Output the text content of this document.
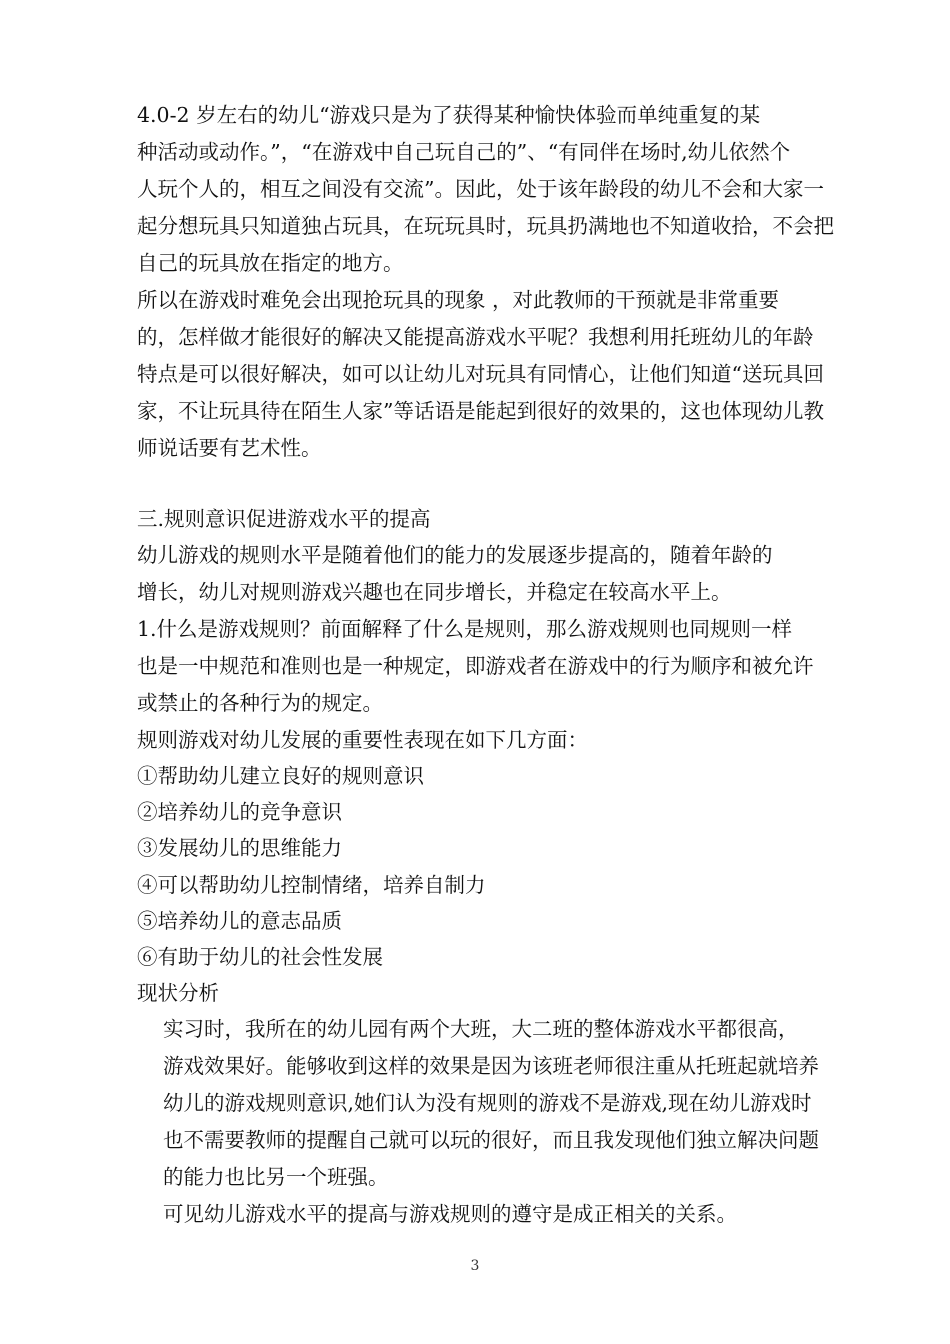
4.0-2 岁左右的幼儿“游戏只是为了获得某种愉快体验而单纯重复的某
种活动或动作。”，“在游戏中自己玩自己的”、“有同伴在场时,幼儿依然个
人玩个人的，相互之间没有交流”。因此，处于该年龄段的幼儿不会和大家一
起分想玩具只知道独占玩具，在玩玩具时，玩具扔满地也不知道收拾，不会把
自己的玩具放在指定的地方。
所以在游戏时难免会出现抢玩具的现象 ，对此教师的干预就是非常重要
的，怎样做才能很好的解决又能提高游戏水平呢？我想利用托班幼儿的年龄
特点是可以很好解决，如可以让幼儿对玩具有同情心，让他们知道“送玩具回
家，不让玩具待在陌生人家”等话语是能起到很好的效果的，这也体现幼儿教
师说话要有艺术性。
三.规则意识促进游戏水平的提高
幼儿游戏的规则水平是随着他们的能力的发展逐步提高的，随着年龄的
增长，幼儿对规则游戏兴趣也在同步增长，并稳定在较高水平上。
1.什么是游戏规则？前面解释了什么是规则，那么游戏规则也同规则一样
也是一中规范和准则也是一种规定，即游戏者在游戏中的行为顺序和被允许
或禁止的各种行为的规定。
规则游戏对幼儿发展的重要性表现在如下几方面：
①帮助幼儿建立良好的规则意识
②培养幼儿的竞争意识
③发展幼儿的思维能力
④可以帮助幼儿控制情绪，培养自制力
⑤培养幼儿的意志品质
⑥有助于幼儿的社会性发展
现状分析
实习时，我所在的幼儿园有两个大班，大二班的整体游戏水平都很高，
游戏效果好。能够收到这样的效果是因为该班老师很注重从托班起就培养
幼儿的游戏规则意识,她们认为没有规则的游戏不是游戏,现在幼儿游戏时
也不需要教师的提醒自己就可以玩的很好，而且我发现他们独立解决问题
的能力也比另一个班强。
可见幼儿游戏水平的提高与游戏规则的遵守是成正相关的关系。
3
